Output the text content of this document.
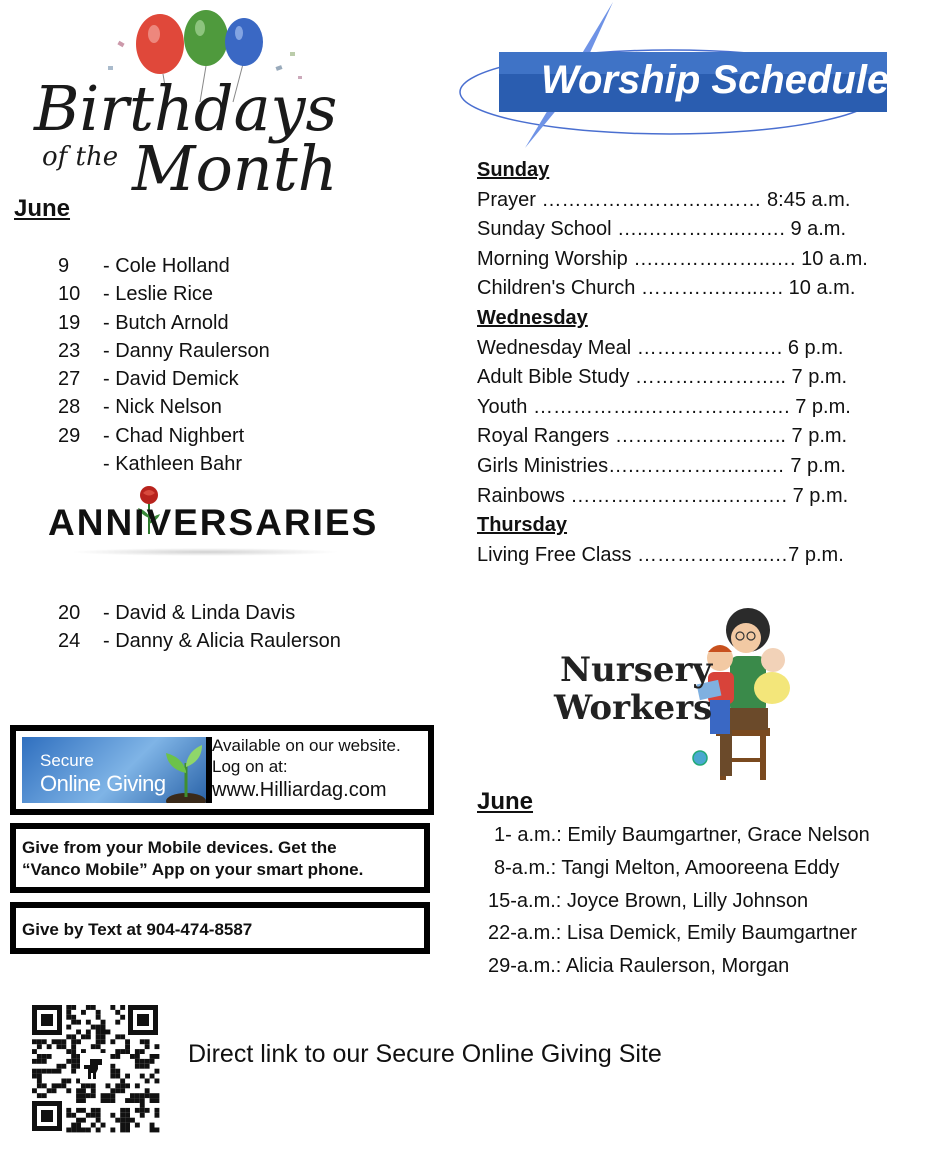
Birthdays
of the Month
June
9	- Cole Holland
10	- Leslie Rice
19	- Butch Arnold
23	- Danny Raulerson
27	- David Demick
28	- Nick Nelson
29	- Chad Nighbert
- Kathleen Bahr
ANNIVERSARIES
20	- David & Linda Davis
24	- Danny & Alicia Raulerson
Worship Schedule
Sunday
Prayer …………………………… 8:45 a.m.
Sunday School …..…………..……. 9 a.m.
Morning Worship ….……………..…. 10 a.m.
Children's Church ………….…..…. 10 a.m.
Wednesday
Wednesday Meal …………………. 6 p.m.
Adult Bible Study ………………….. 7 p.m.
Youth ……………..…………………. 7 p.m.
Royal Rangers …………………….. 7 p.m.
Girls Ministries….…………….….… 7 p.m.
Rainbows …………………..………. 7 p.m.
Thursday
Living Free Class ………………..…7 p.m.
Nursery
Workers
June
1- a.m.: Emily Baumgartner, Grace Nelson
8-a.m.: Tangi Melton, Amooreena Eddy
15-a.m.: Joyce Brown, Lilly Johnson
22-a.m.: Lisa Demick, Emily Baumgartner
29-a.m.: Alicia Raulerson, Morgan
Secure
Online Giving
Available on our website.
Log on at:
www.Hilliardag.com
Give from your Mobile devices. Get the
“Vanco Mobile” App on your smart phone.
Give by Text at 904-474-8587
Direct link to our Secure Online Giving Site
